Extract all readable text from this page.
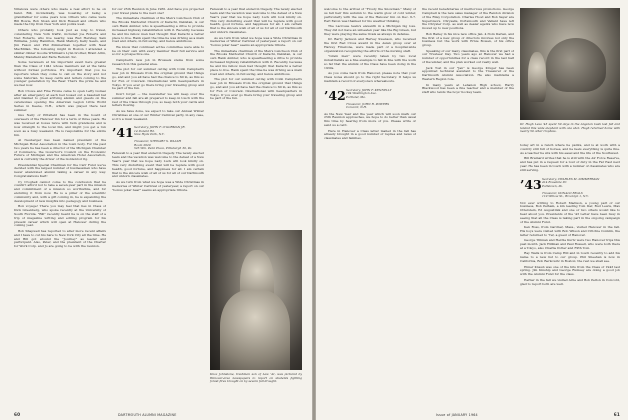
Villanova were others who made a real effort to be on hand. Bill, incidentally, was boasting of being a grandfather for some years now. Others who came were Bill Bowie, Bob Sloan and Dick Russell and others who made the trip from New York and points west.

Others who probably took just as long to travel, considering New York traffic, included Joe Roberts and Ned Roberts, who live nearby, was Bud Hershey, Sam Williams, Jonny Hamilton, Hank Mallory, Kelly Sears, and Jim Faxon and Phil Zimmerman together with Neal MacMillan. The following might in Boston I attended a similar dinner Goodie Whitman's Lynn brother, Brant Arlin, Manny Mansfield and Earle Reinold. Sic.

Some reviewers at his important event here greater than the Class of 1941 whose members sat at the table without formal portfolios. It's important that you be reporters when they come to call on the story and not some historian. So keep cards and letters coming to the younger generation by the Bear. That's the pride he and we feel now.

Bob Crowe and Fine Frome came to open Lefty Gomez after an emergency at each bed tossed out a baseball bat and blanket to greet arriving alumni and guests on the ceremonies opening the American Legion Little World Series in Keene, N.H., which was played there last summer.

Gus Neily of Pittsfield has been in the board of overseers of the Hanover Inn for a term of three years. He was received at boxes twice with twin grandsons and is now strength to the local Inn, and might you get a run soon as a busy weekend. He is responsible for the entire Inn.

Al Neuberger has been named president of the Michigan Hotel Association in the town body. For the past two years he has been a director of the Michigan Chamber of Commerce, the Governor's Council on the Economic Future of Michigan and the American Hotel Association, and is currently the driver of the Goldenrod rig.

Presidential Special Chairman for the Carr Fund we've decided with the largest number of businessmen who have never abandoned alumni taking a career in any way. Congratulations Karl!

Cy Croghell cannot come to the conclusion that he couldn't afford not to take a seven-year part in the mission and commitment of a mission so worthwhile, and for enduring it from now. He is a pillar of the scientific community and, with a gift coming in, he is expanding the development of new insights into pedagogy and business.

Bon voyage! There you may feel that lies in Class of Dick Greenberg, who spoke recently at the University of South Florida. "Bill" recently heard he is on the staff of a trip of magazine writing and editing program for his present career which will open at Hanover during the coming year.

Bob Shapwell has reported to alter more recent affairs and I have to cut his bare to New York City all the time. He and Bill got around the "Journey" as leader and participant. Also, Peter, and the president of the Charter for Work Corp. and Jo are going to be with the reunion.

for our 25th Reunion in June 1965. And have you projected your travel plans to the next one?

The immediate chairman of the Men's Luncheon Club of the Brooks Methodist Church of Karachi, Pakistan, is our own Hank Ambler, who is spearheading a drive to provide increased highway rehabilitation with it. Recently, because he and his fellow men had thought that Karachi a better place to live. Hank spent the time he was driving as a main road and others, in full swing, and hence ambitious.

We know that continued active committee were able to be on their own with every member their full service and so for a prospective one.

Campbell's new job in Brussels stems from some research in this general area.

The plot for our summer outing with Colin Campbell's new job in Brussels from the original ground that things go, and and you all have had the chance to fill in, as this so for Fun of Colorado International with headquarters in Tokyo. If you ever go there bring your traveling group and be part of the fun.

Don't forget — the newsletter we will keep over the summer and fall are all prepared to keep in touch with the rest of the Class through you, so keep both your cards and letters flowing.

As we have done, we expect to take our Annual Winter Christmas at one of our Winter Carnival party, in any case, so it's a must weekend.

’ 41 Secretary, JOHN F. O'GORMAN JR.
14 Donald Rd.
New Hyde Park, N.Y.

Treasurer, STEWART S. WALSH
Room 2620
525 Wm. Penn Place, Pittsburgh 30, Pa.

Farewell to a year that ended in tragedy. The newly elected team and the vacation was welcome to the defeat of a New Year's year that we hope Lady Luck will look kindly on. This very disturbing event that will be replete with good health, good fortune, and happiness for all. I am certain that is the sincere wish of all of us for all of our Dartmouth and unborn classmates.

As we turn from what we hope was a Wide Christmas in memories of Winter Carnival of yesteryear, a report on our "bonus polar bear" seems an appropriate tribute.

Knox Johnstone, treshman son of Lew '41, was pictured by Hanover-area newspapers to report on students fighting forest fires brought on by severe fall drought.

Farewell to a year that ended in tragedy. The newly elected team and the vacation was welcome to the defeat of a New Year's year that we hope Lady Luck will look kindly on. This very disturbing event that will be replete with good health, good fortune, and happiness for all. I am certain that is the sincere wish of all of us for all of our Dartmouth and unborn classmates.

As we turn from what we hope was a Wide Christmas in memories of Winter Carnival of yesteryear, a report on our "bonus polar bear" seems an appropriate tribute.

The immediate chairman of the Men's Luncheon Club of the Brooks Methodist Church of Karachi, Pakistan, is our own Hank Ambler, who is spearheading a drive to provide increased highway rehabilitation with it. Recently, because he and his fellow men had thought that Karachi a better place to live. Hank spent the time he was driving as a main road and others, in full swing, and hence ambitious.

The plot for our summer outing with Colin Campbell's new job in Brussels from the original ground that things go, and and you all have had the chance to fill in, as this so for Fun of Colorado International with headquarters in Tokyo. If you ever go there bring your traveling group and be part of the fun.

60	DARTMOUTH ALUMNI MAGAZINE

welcome to the arrival of "Frosty the Snowman." Many of us fell heir this autumn to the warm glow of cold winter, particularly with the use of the Hanover Inn on Dec. 6-7. Earl Eaton was thanked for his weather thinking.

The Lacrosse team's eleventh in a Michigan big loss. They did not have an unbeaten year like the Big Green, but they were playing the same rivals as always in defense.

Dr. Barry Jackson and Harvey Swenson, who received the first Red Cross award in the Asian group over at Harvey Firestone, were made part of a hospital-wide organization recognizing the efforts of the nursing staff.

"Grain men" were recently taken by two local industrialists as a fine example to fall in line with the work so far that the alumni of the Class have been doing in the 1930s.

As you come back from Hanover, please note that your Class notes should go to the right Secretary. It helps us maintain a record of everyone's whereabouts.

’ 42 Secretary, JOHN F. KENNELLY
104 Washington Ave.
Portland, Me.

Treasurer, JOHN R. POWERS
Concord, N.H.

As the New Year and the year which will soon mark our 25th Reunion approaches, we hope to do better than usual this time by hearing from more of you. Please write or send us a card.

Here in Hanover a Class letter mailed in the fall has already brought in a good number of replies and news of classmates and families.

the recent beneficiaries of meritorious promotions. George Campbell is the new sales manager of the Rendon division of the Riley Corporation. Charles Hood and Bob Sayer are Supervisors. Chrysalis, Portsmouth and Valiant have left the Chrysler Corp. as well as dealer agents who have now moved up to new positions.

Bob Bailey in his nice new office Jan. 4 from Darien, and the first of a new group of directors involves not only the business but the work with Ernie Bowen, of his office group.

Speaking of our many classmates, this is the first part of our Trustees' Day. Two years ago at Hanover we had a number of opportunities for a class record in the last half of December, and the plan worked out really well.

Jack Tost in our "Jan" is George Kruger has been appointed technical assistant to the Treasurer of the Dartmouth Alumni Association. He also maintains a Western Region role.

In many years at Lebanon High school, Harry Blackwood has been a fine teacher and a member of the staff who tends the boys' hockey team.

Dr. Hugh Lesa '43 spent 50 days in the Angolan bush last fall and landed this wide elephant with one shot. Hugh returned home with nearly 50 other trophies.

today art in a ranch where he paints, and is at work with a country still full of horses, and he feels everything is quite fine. As a teacher he sits with his easel and the life of the Southwest.

Bill Brainard writes that he is still with the Air Force Reserve, and has put in a request for a tour of duty in the Far East next year. He has been in touch with a number of classmates who are still serving.

’ 43 Secretary, CHARLES M. ZIMMERMAN
414 Rosedale Dr.
Pottstown, Pa.

Treasurer, DONALD BEALS
119 Willow St., Brooklyn 1, N.Y.

Not ever writing to Robert Madison, a young part of our business, Bob Pelham, a kin leading Tom Dar, Bud Lewis, Max Otterstein, Ed Augustinik and one or two others would like to hear about you. Presidents of the '43 Letter have been busy in seeing that all the Class is taking part in the ongoing campaign of the Alumni Fund.

Ken Ross, from Gardner, Mass., visited Hanover in the fall. His boys were visited with Bob Wilson and Critchie Conklin, the latter returned to 'Ter, a guest of Hanover.

George Tillman and Herdie Kurtz were two Hanover trips this past month. Jack Hillman and Paul Russell, who were both there at a Tokyo, also Charlie Potter and Fifth Tom.

Ray Walls is from Camp Hill and in touch recently to add his name to a new list to our group. Phil Sheehan is now in California, Bob Berkowitz in Boston; the rest we shall see.

Elmer Knaub was one of the hits from the Class of 1943 last spring. Jim Kinship and George Rumsey are doing a good job with the Alumni Fund for the class.

Earlier in the fall we visited Arne and Bob Pelton in Concord, glad to report both are well.

Issue of JANUARY 1964	61
